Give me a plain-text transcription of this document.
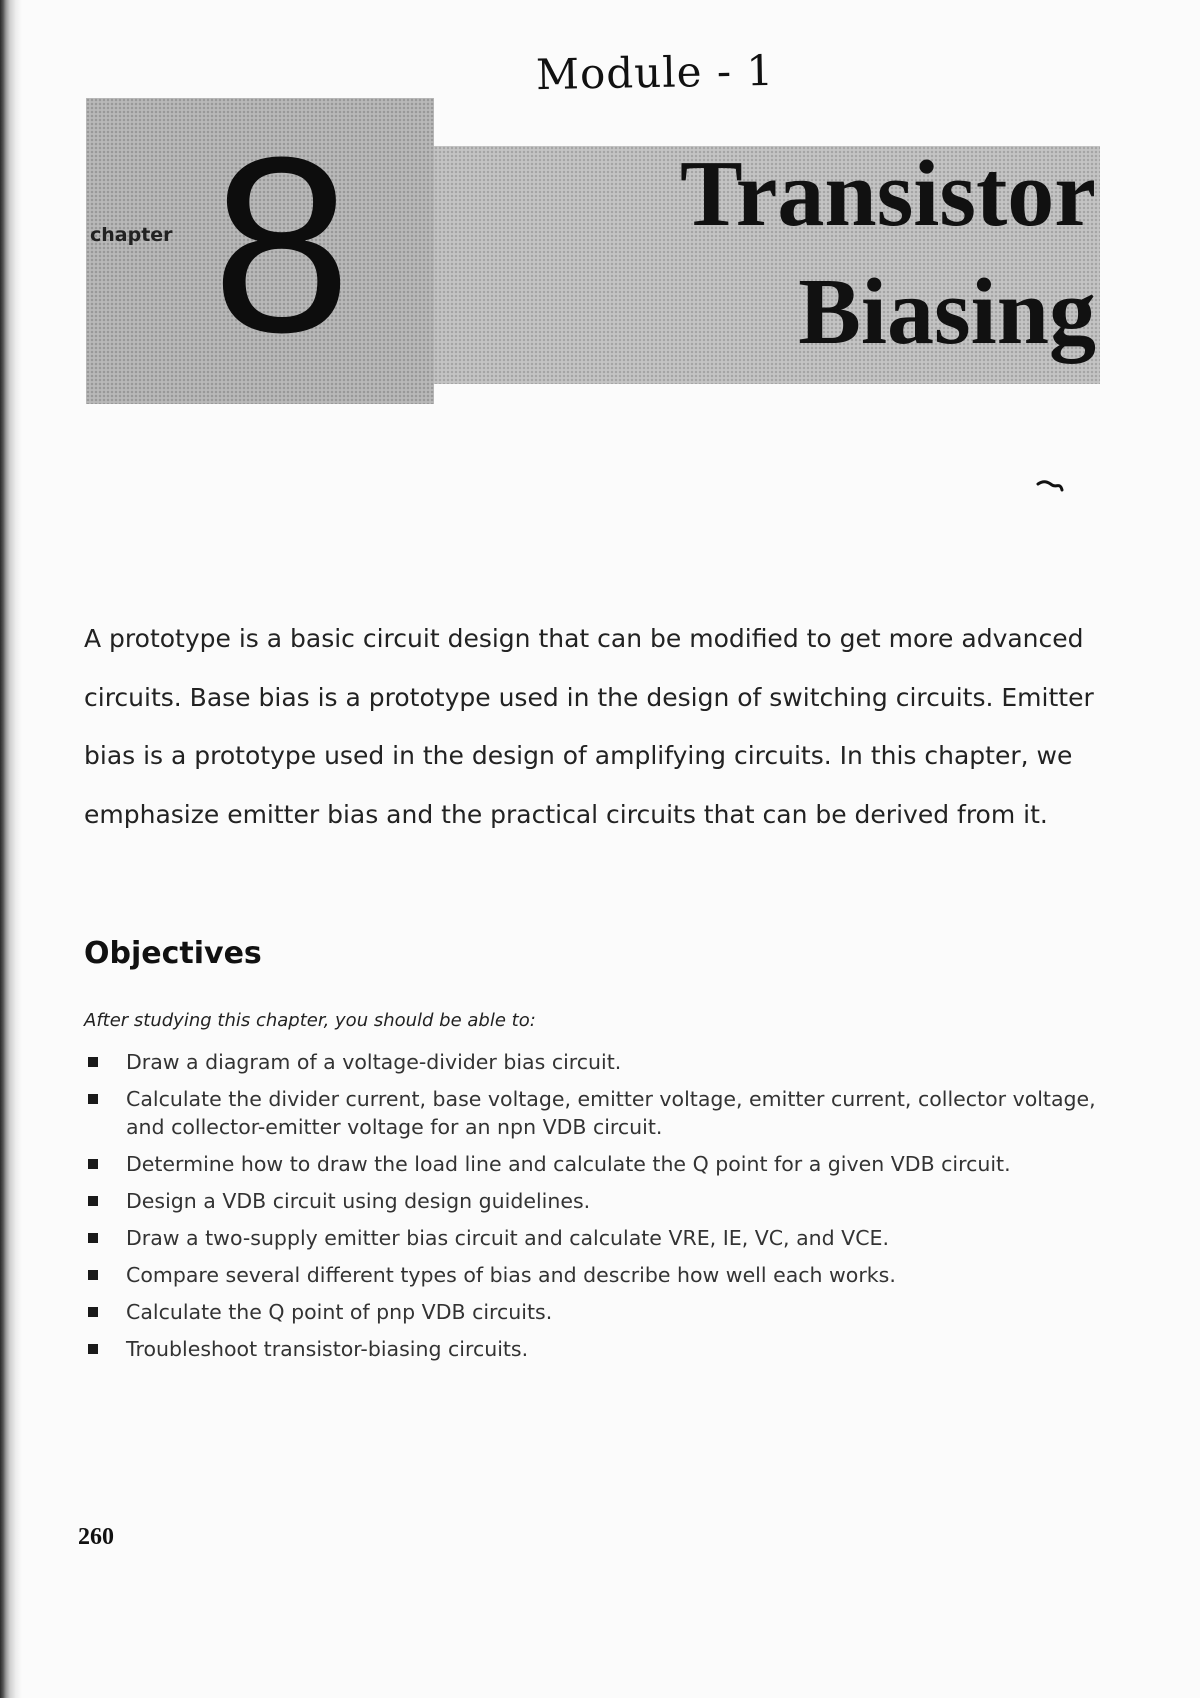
Module - 1
chapter 8	Transistor
Biasing

A prototype is a basic circuit design that can be modified to get more advanced circuits. Base bias is a prototype used in the design of switching circuits. Emitter bias is a prototype used in the design of amplifying circuits. In this chapter, we emphasize emitter bias and the practical circuits that can be derived from it.

Objectives
After studying this chapter, you should be able to:
Draw a diagram of a voltage-divider bias circuit.
Calculate the divider current, base voltage, emitter voltage, emitter current, collector voltage, and collector-emitter voltage for an npn VDB circuit.
Determine how to draw the load line and calculate the Q point for a given VDB circuit.
Design a VDB circuit using design guidelines.
Draw a two-supply emitter bias circuit and calculate VRE, IE, VC, and VCE.
Compare several different types of bias and describe how well each works.
Calculate the Q point of pnp VDB circuits.
Troubleshoot transistor-biasing circuits.
260
